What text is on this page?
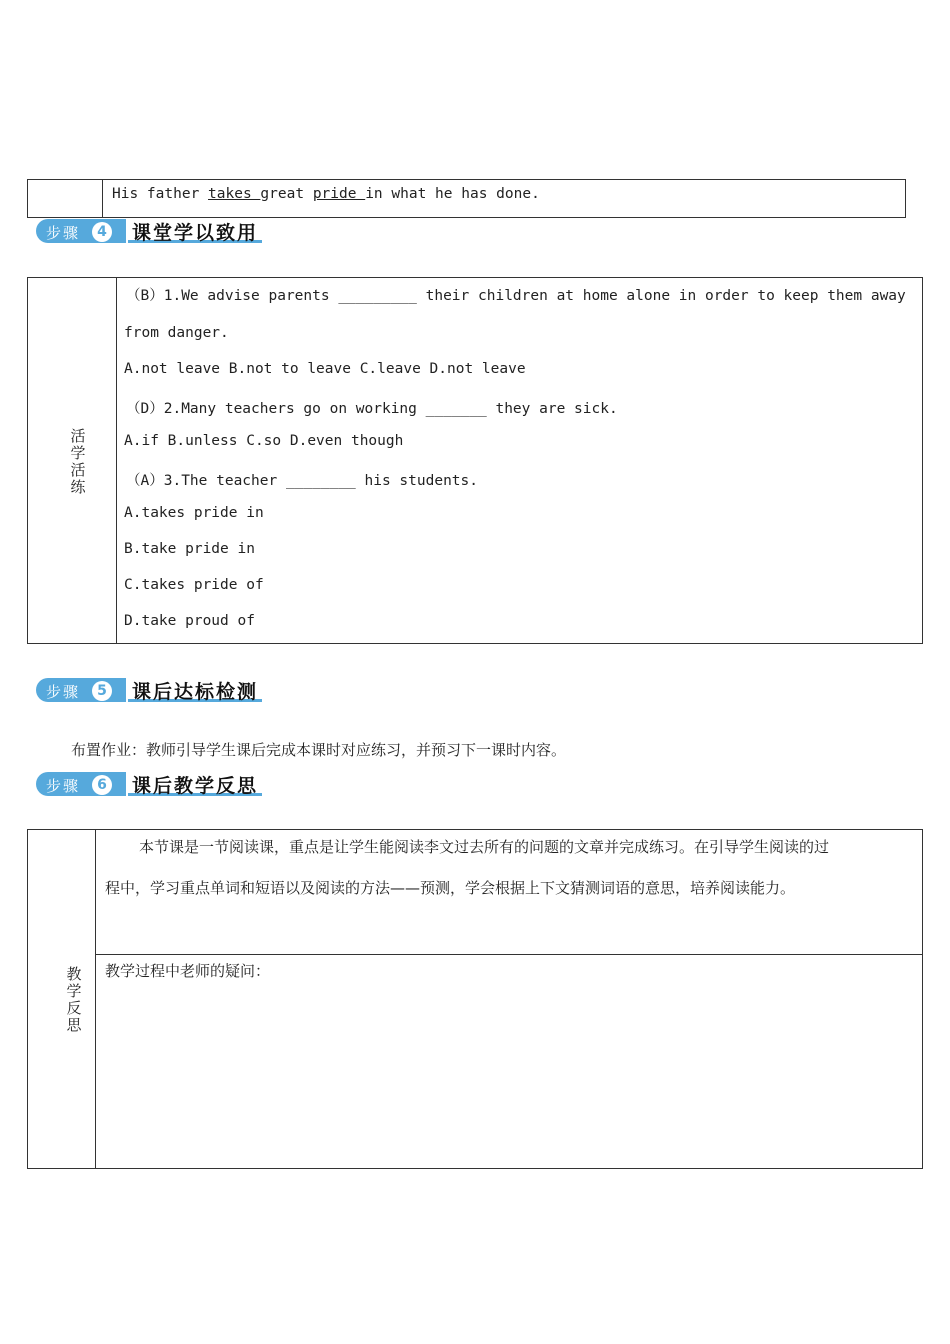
His father takes great pride in what he has done.
步骤	4 课堂学以致用
活学活练
（B）1.We advise parents _________ their children at home alone in order to keep them away
from danger.
A.not leave B.not to leave C.leave D.not leave
（D）2.Many teachers go on working _______ they are sick.
A.if B.unless C.so D.even though
（A）3.The teacher ________ his students.
A.takes pride in
B.take pride in
C.takes pride of
D.take proud of
步骤	5 课后达标检测
布置作业：教师引导学生课后完成本课时对应练习，并预习下一课时内容。
步骤	6 课后教学反思
教学反思
本节课是一节阅读课，重点是让学生能阅读李文过去所有的问题的文章并完成练习。在引导学生阅读的过
程中，学习重点单词和短语以及阅读的方法——预测，学会根据上下文猜测词语的意思，培养阅读能力。
教学过程中老师的疑问：
